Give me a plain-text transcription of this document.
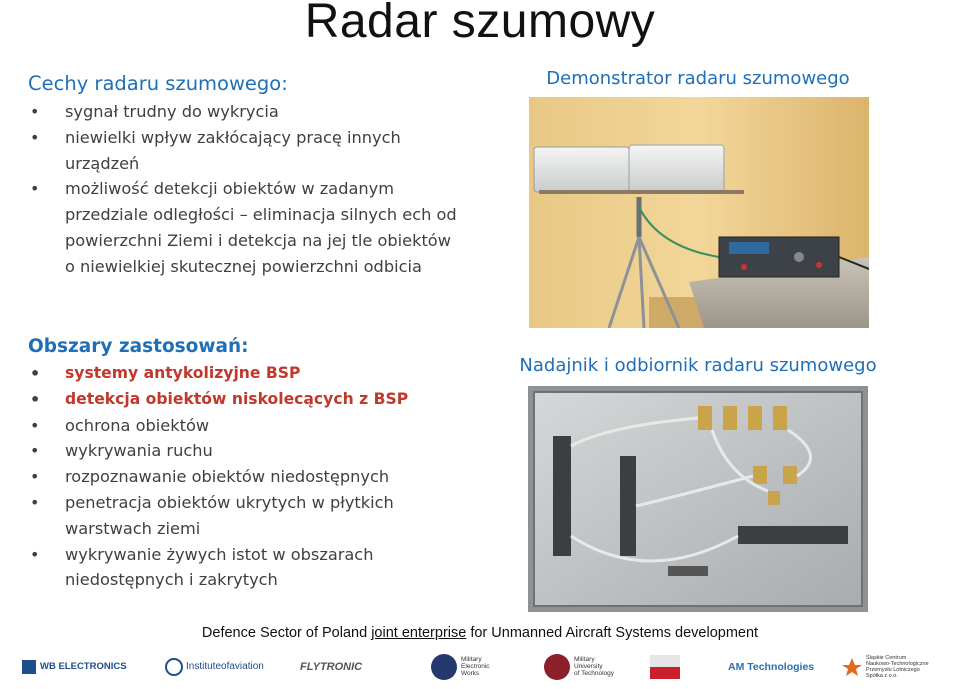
Radar szumowy
Cechy radaru szumowego:
• sygnał trudny do wykrycia
• niewielki wpływ zakłócający pracę innych urządzeń
• możliwość detekcji obiektów w zadanym przedziale odległości – eliminacja silnych ech od powierzchni Ziemi i detekcja na jej tle obiektów o niewielkiej skutecznej powierzchni odbicia
Obszary zastosowań:
• systemy antykolizyjne BSP
• detekcja obiektów niskolecących z BSP
• ochrona obiektów
• wykrywania ruchu
• rozpoznawanie obiektów niedostępnych
• penetracja obiektów ukrytych w płytkich warstwach ziemi
• wykrywanie żywych istot w obszarach niedostępnych i zakrytych
Demonstrator radaru szumowego
Nadajnik i odbiornik radaru szumowego
Defence Sector of Poland joint enterprise for Unmanned Aircraft Systems development
WB ELECTRONICS	Institute of aviation	FLYTRONIC
Military
Electronic
Works
Military
University
of Technology
AM Technologies
Śląskie Centrum
Naukowo-Technologiczne
Przemysłu Lotniczego
Spółka z o.o.
